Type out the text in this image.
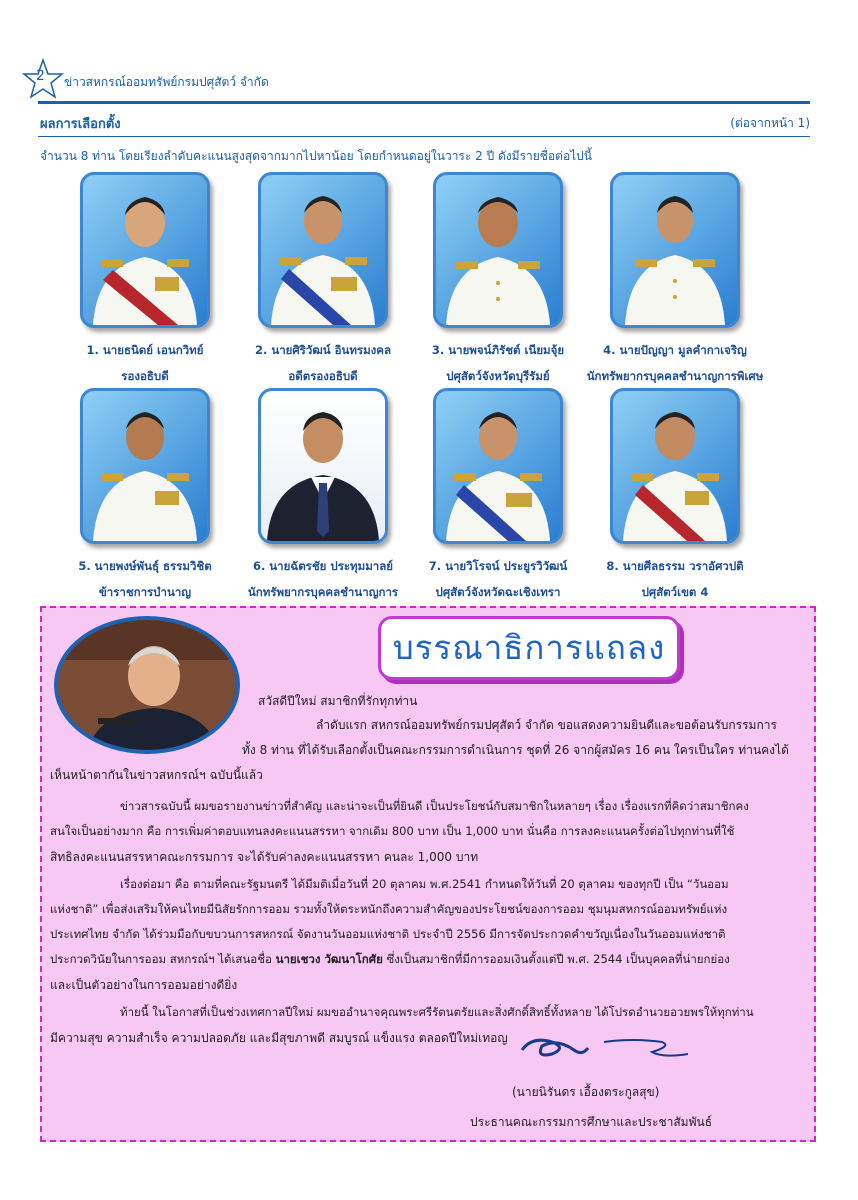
2 ข่าวสหกรณ์ออมทรัพย์กรมปศุสัตว์ จำกัด
ผลการเลือกตั้ง	(ต่อจากหน้า 1)
จำนวน 8 ท่าน โดยเรียงลำดับคะแนนสูงสุดจากมากไปหาน้อย โดยกำหนดอยู่ในวาระ 2 ปี ดังมีรายชื่อต่อไปนี้
1. นายธนิดย์ เอนกวิทย์
รองอธิบดี
2. นายศิริวัฒน์ อินทรมงคล
อดีตรองอธิบดี
3. นายพจน์ภิรัชต์ เนียมจุ้ย
ปศุสัตว์จังหวัดบุรีรัมย์
4. นายปัญญา มูลคำกาเจริญ
นักทรัพยากรบุคคลชำนาญการพิเศษ
5. นายพงษ์พันธุ์ ธรรมวิชิต
ข้าราชการบำนาญ
6. นายฉัตรชัย ประทุมมาลย์
นักทรัพยากรบุคคลชำนาญการ
7. นายวิโรจน์ ประยูรวิวัฒน์
ปศุสัตว์จังหวัดฉะเชิงเทรา
8. นายศีลธรรม วราอัศวปติ
ปศุสัตว์เขต 4
บรรณาธิการแถลง
สวัสดีปีใหม่ สมาชิกที่รักทุกท่าน
ลำดับแรก สหกรณ์ออมทรัพย์กรมปศุสัตว์ จำกัด ขอแสดงความยินดีและขอต้อนรับกรรมการ
ทั้ง 8 ท่าน ที่ได้รับเลือกตั้งเป็นคณะกรรมการดำเนินการ ชุดที่ 26 จากผู้สมัคร 16 คน ใครเป็นใคร ท่านคงได้
เห็นหน้าตากันในข่าวสหกรณ์ฯ ฉบับนี้แล้ว
ข่าวสารฉบับนี้ ผมขอรายงานข่าวที่สำคัญ และน่าจะเป็นที่ยินดี เป็นประโยชน์กับสมาชิกในหลายๆ เรื่อง เรื่องแรกที่คิดว่าสมาชิกคง
สนใจเป็นอย่างมาก คือ การเพิ่มค่าตอบแทนลงคะแนนสรรหา จากเดิม 800 บาท เป็น 1,000 บาท นั่นคือ การลงคะแนนครั้งต่อไปทุกท่านที่ใช้
สิทธิลงคะแนนสรรหาคณะกรรมการ จะได้รับค่าลงคะแนนสรรหา คนละ 1,000 บาท
เรื่องต่อมา คือ ตามที่คณะรัฐมนตรี ได้มีมติเมื่อวันที่ 20 ตุลาคม พ.ศ.2541 กำหนดให้วันที่ 20 ตุลาคม ของทุกปี เป็น “วันออม
แห่งชาติ” เพื่อส่งเสริมให้คนไทยมีนิสัยรักการออม รวมทั้งให้ตระหนักถึงความสำคัญของประโยชน์ของการออม ชุมนุมสหกรณ์ออมทรัพย์แห่ง
ประเทศไทย จำกัด ได้ร่วมมือกับขบวนการสหกรณ์ จัดงานวันออมแห่งชาติ ประจำปี 2556 มีการจัดประกวดคำขวัญเนื่องในวันออมแห่งชาติ
ประกวดวินัยในการออม สหกรณ์ฯ ได้เสนอชื่อ นายเชวง วัฒนาโกศัย ซึ่งเป็นสมาชิกที่มีการออมเงินตั้งแต่ปี พ.ศ. 2544 เป็นบุคคลที่น่ายกย่อง
และเป็นตัวอย่างในการออมอย่างดียิ่ง
ท้ายนี้ ในโอกาสที่เป็นช่วงเทศกาลปีใหม่ ผมขออำนาจคุณพระศรีรัตนตรัยและสิ่งศักดิ์สิทธิ์ทั้งหลาย ได้โปรดอำนวยอวยพรให้ทุกท่าน
มีความสุข ความสำเร็จ ความปลอดภัย และมีสุขภาพดี สมบูรณ์ แข็งแรง ตลอดปีใหม่เทอญ
(นายนิรันดร เอื้องตระกูลสุข)
ประธานคณะกรรมการศึกษาและประชาสัมพันธ์
